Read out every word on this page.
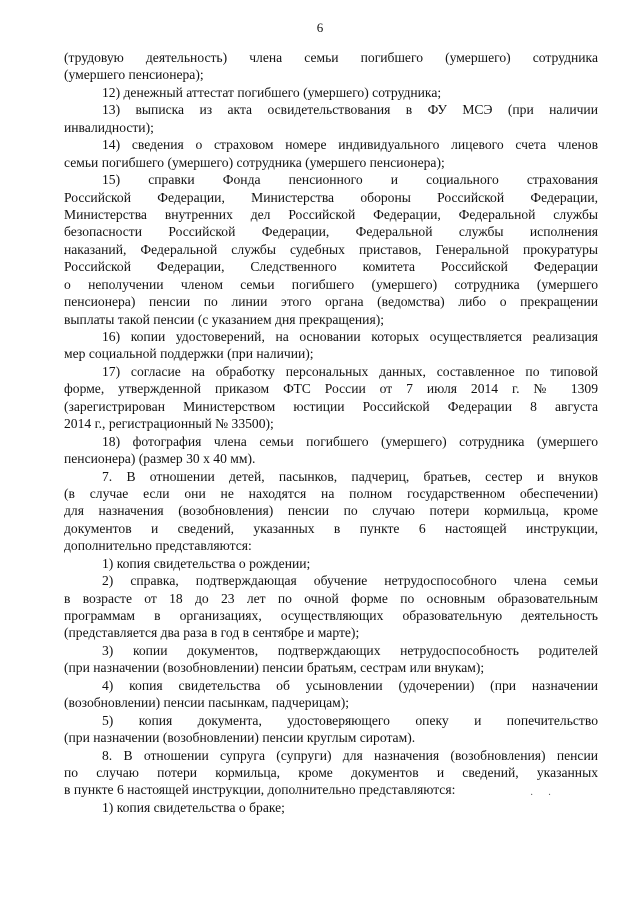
6
(трудовую деятельность) члена семьи погибшего (умершего) сотрудника
(умершего пенсионера);
12) денежный аттестат погибшего (умершего) сотрудника;
13) выписка из акта освидетельствования в ФУ МСЭ (при наличии
инвалидности);
14) сведения о страховом номере индивидуального лицевого счета членов
семьи погибшего (умершего) сотрудника (умершего пенсионера);
15) справки Фонда пенсионного и социального страхования
Российской Федерации, Министерства обороны Российской Федерации,
Министерства внутренних дел Российской Федерации, Федеральной службы
безопасности Российской Федерации, Федеральной службы исполнения
наказаний, Федеральной службы судебных приставов, Генеральной прокуратуры
Российской Федерации, Следственного комитета Российской Федерации
о неполучении членом семьи погибшего (умершего) сотрудника (умершего
пенсионера) пенсии по линии этого органа (ведомства) либо о прекращении
выплаты такой пенсии (с указанием дня прекращения);
16) копии удостоверений, на основании которых осуществляется реализация
мер социальной поддержки (при наличии);
17) согласие на обработку персональных данных, составленное по типовой
форме, утвержденной приказом ФТС России от 7 июля 2014 г. № 1309
(зарегистрирован Министерством юстиции Российской Федерации 8 августа
2014 г., регистрационный № 33500);
18) фотография члена семьи погибшего (умершего) сотрудника (умершего
пенсионера) (размер 30 х 40 мм).
7. В отношении детей, пасынков, падчериц, братьев, сестер и внуков
(в случае если они не находятся на полном государственном обеспечении)
для назначения (возобновления) пенсии по случаю потери кормильца, кроме
документов и сведений, указанных в пункте 6 настоящей инструкции,
дополнительно представляются:
1) копия свидетельства о рождении;
2) справка, подтверждающая обучение нетрудоспособного члена семьи
в возрасте от 18 до 23 лет по очной форме по основным образовательным
программам в организациях, осуществляющих образовательную деятельность
(представляется два раза в год в сентябре и марте);
3) копии документов, подтверждающих нетрудоспособность родителей
(при назначении (возобновлении) пенсии братьям, сестрам или внукам);
4) копия свидетельства об усыновлении (удочерении) (при назначении
(возобновлении) пенсии пасынкам, падчерицам);
5) копия документа, удостоверяющего опеку и попечительство
(при назначении (возобновлении) пенсии круглым сиротам).
8. В отношении супруга (супруги) для назначения (возобновления) пенсии
по случаю потери кормильца, кроме документов и сведений, указанных
в пункте 6 настоящей инструкции, дополнительно представляются:
1) копия свидетельства о браке;
· ·
